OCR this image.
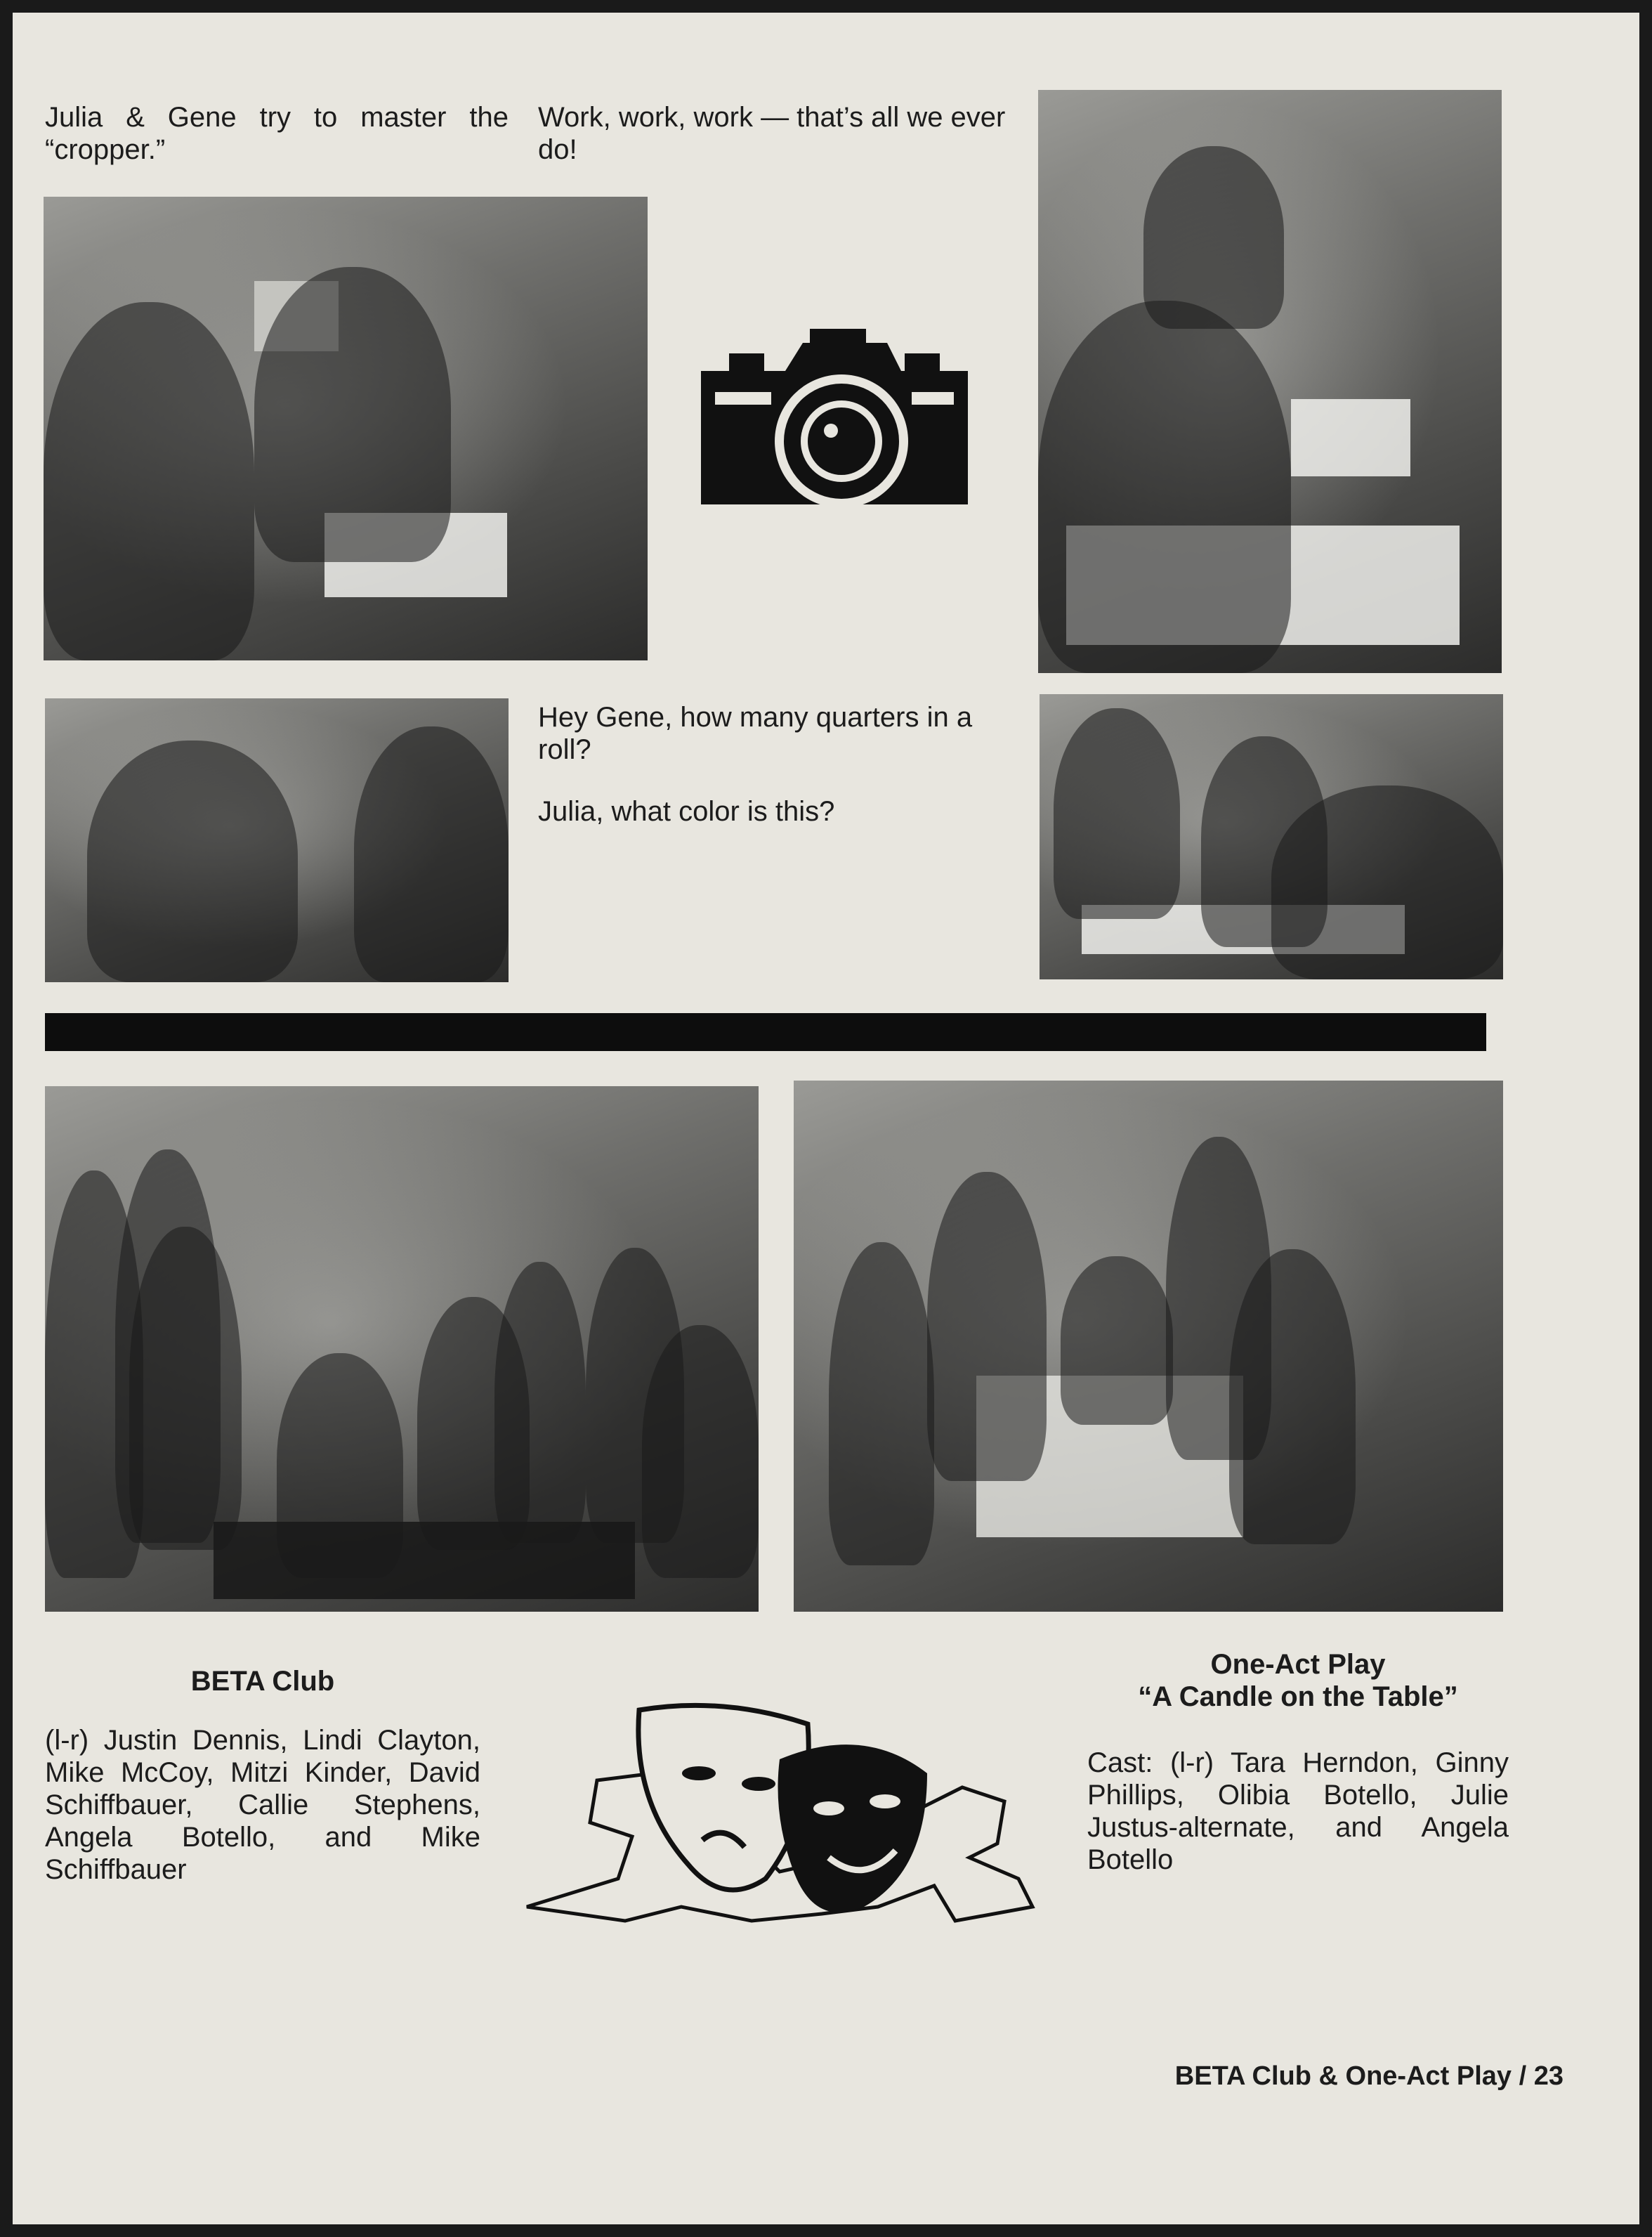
Julia & Gene try to master the “cropper.”
Work, work, work — that’s all we ever do!
Hey Gene, how many quarters in a roll?
Julia, what color is this?
BETA Club
(l-r) Justin Dennis, Lindi Clayton, Mike McCoy, Mitzi Kinder, David Schiffbauer, Callie Stephens, Angela Botello, and Mike Schiffbauer
One-Act Play
“A Candle on the Table”
Cast: (l-r) Tara Herndon, Ginny Phillips, Olibia Botello, Julie Justus-alternate, and Angela Botello
BETA Club & One-Act Play / 23
